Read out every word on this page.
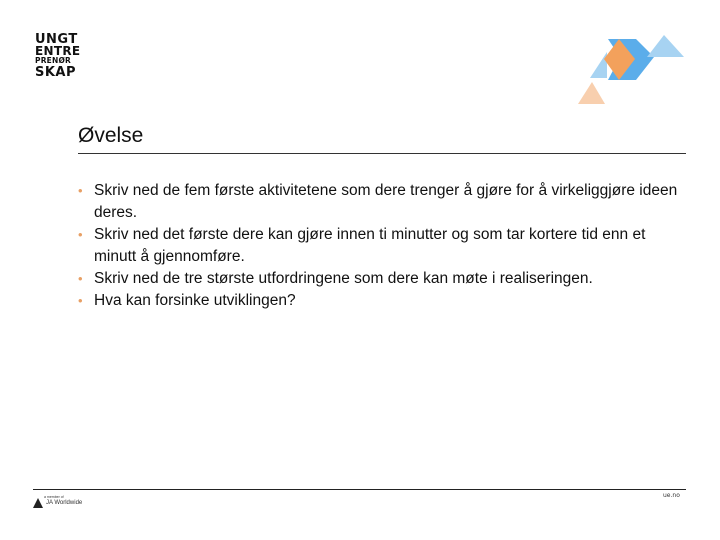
UNGT
ENTRE
PRENØR
SKAP
Øvelse
• Skriv ned de fem første aktivitetene som dere trenger å gjøre for å virkeliggjøre ideen deres.
• Skriv ned det første dere kan gjøre innen ti minutter og som tar kortere tid enn et minutt å gjennomføre.
• Skriv ned de tre største utfordringene som dere kan møte i realiseringen.
• Hva kan forsinke utviklingen?
a member of
JA Worldwide
ue.no
